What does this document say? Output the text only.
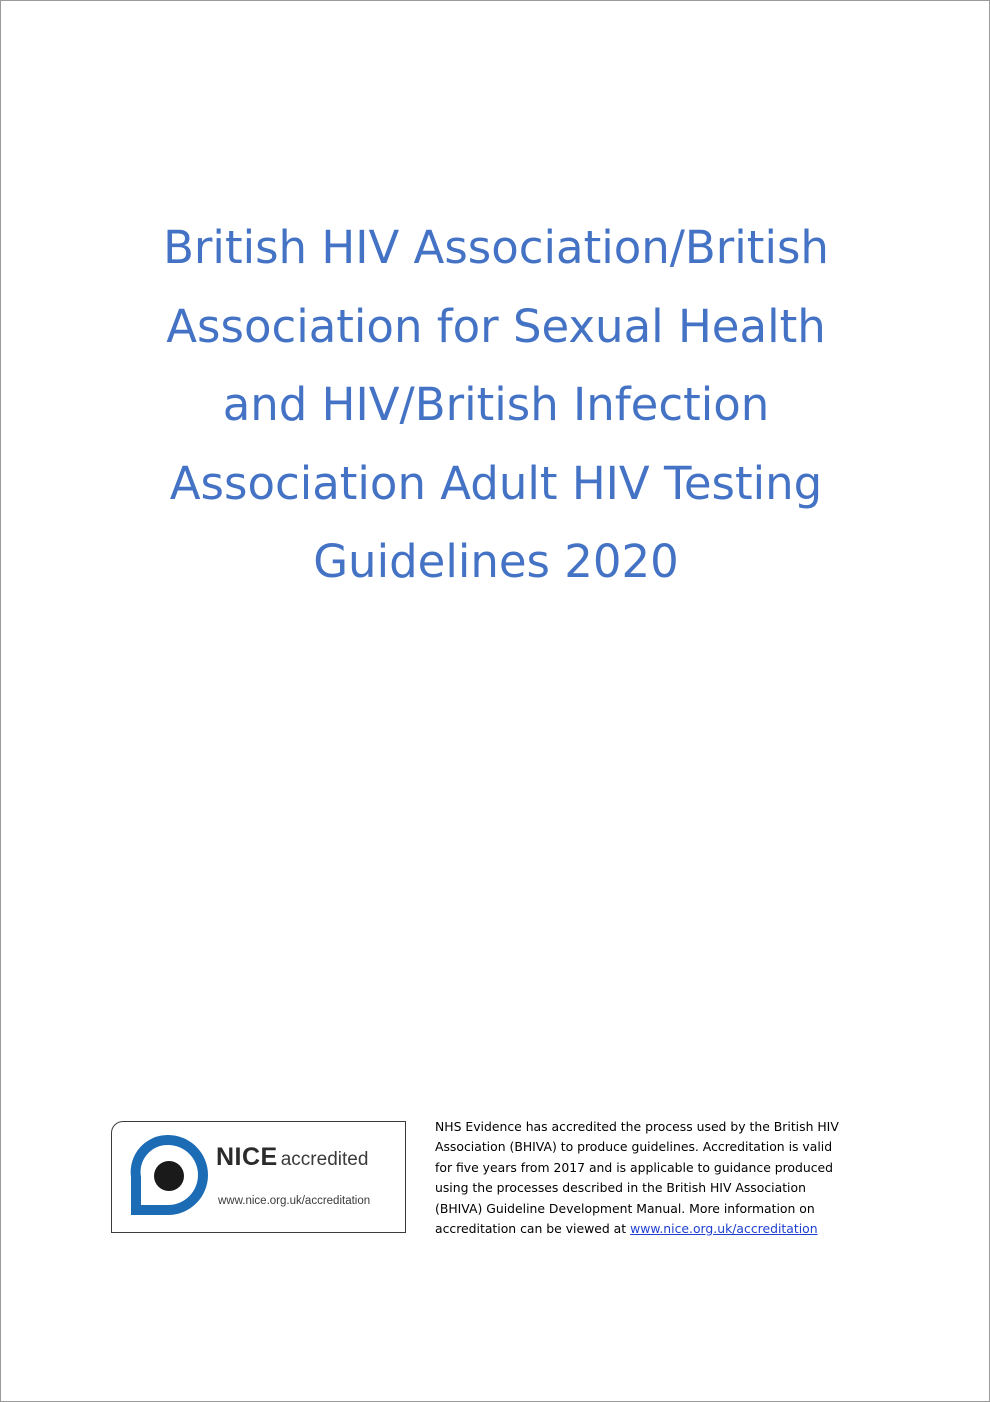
British HIV Association/British
Association for Sexual Health
and HIV/British Infection
Association Adult HIV Testing
Guidelines 2020
NICE accredited
www.nice.org.uk/accreditation

NHS Evidence has accredited the process used by the British HIV
Association (BHIVA) to produce guidelines. Accreditation is valid
for five years from 2017 and is applicable to guidance produced
using the processes described in the British HIV Association
(BHIVA) Guideline Development Manual. More information on
accreditation can be viewed at www.nice.org.uk/accreditation
